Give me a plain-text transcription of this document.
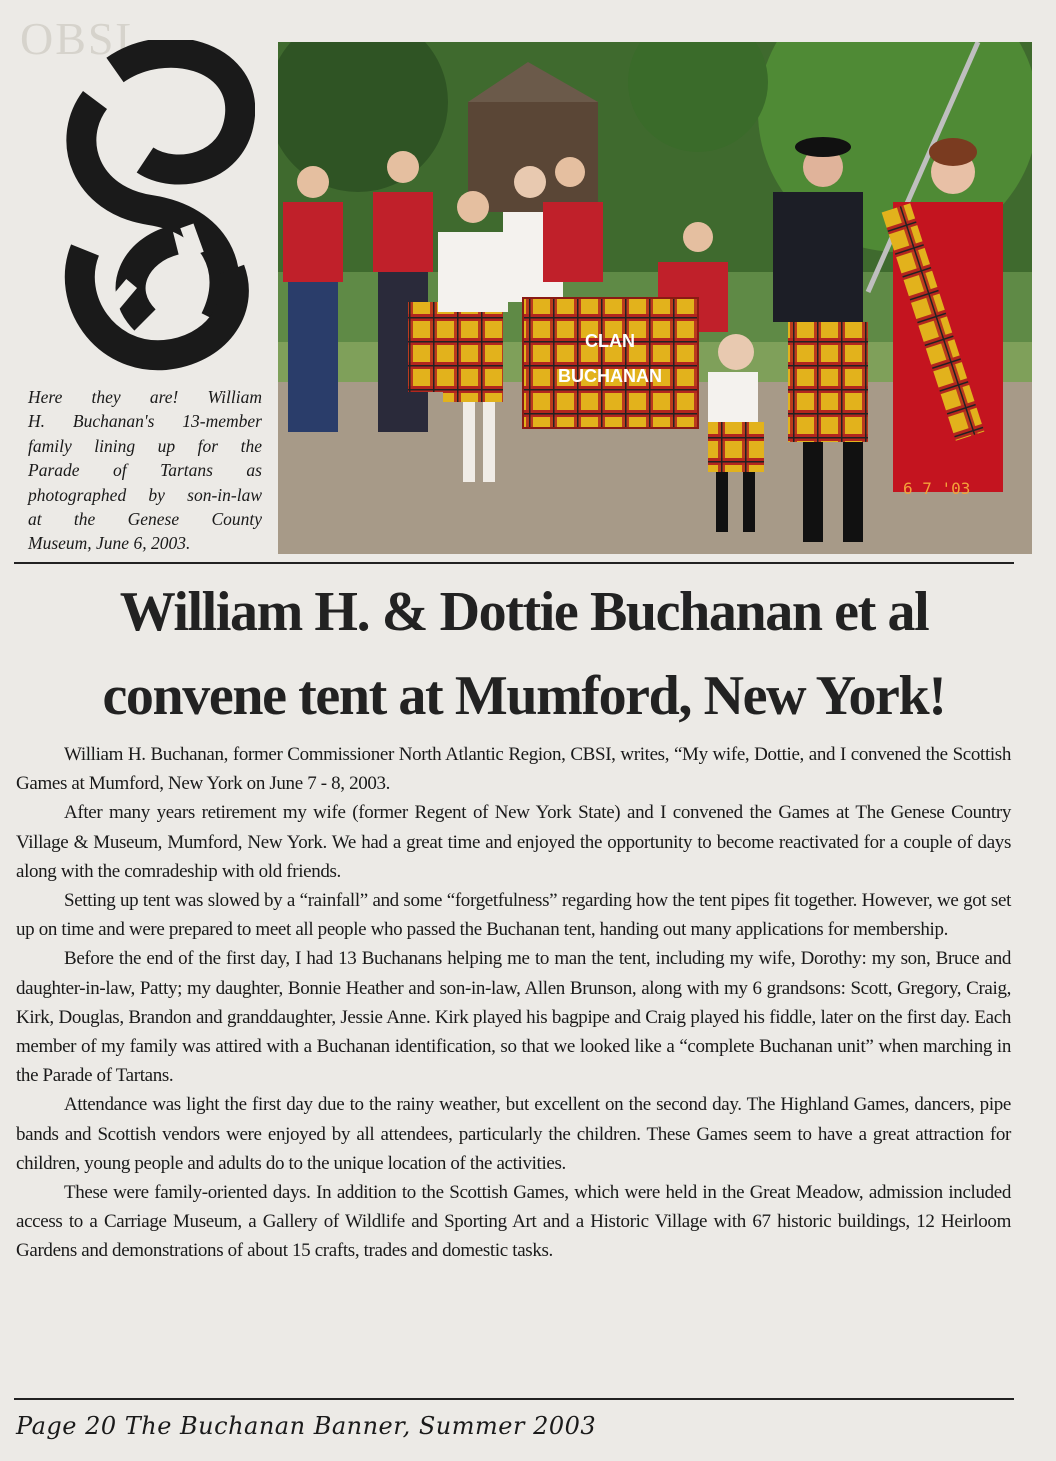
OBSL
Here they are! William
H. Buchanan's 13-member
family lining up for the
Parade of Tartans as
photographed by son-in-law
at the Genese County
Museum, June 6, 2003.
CLAN
BUCHANAN
6 7 '03
William H. & Dottie Buchanan et al
convene tent at Mumford, New York!

William H. Buchanan, former Commissioner North Atlantic Region, CBSI, writes, “My wife, Dottie, and I convened the Scottish Games at Mumford, New York on June 7 - 8, 2003.

After many years retirement my wife (former Regent of New York State) and I convened the Games at The Genese Country Village & Museum, Mumford, New York. We had a great time and enjoyed the opportunity to become reactivated for a couple of days along with the comradeship with old friends.

Setting up tent was slowed by a “rainfall” and some “forgetfulness” regarding how the tent pipes fit together. However, we got set up on time and were prepared to meet all people who passed the Buchanan tent, handing out many applications for membership.

Before the end of the first day, I had 13 Buchanans helping me to man the tent, including my wife, Dorothy: my son, Bruce and daughter-in-law, Patty; my daughter, Bonnie Heather and son-in-law, Allen Brunson, along with my 6 grandsons: Scott, Gregory, Craig, Kirk, Douglas, Brandon and granddaughter, Jessie Anne. Kirk played his bagpipe and Craig played his fiddle, later on the first day. Each member of my family was attired with a Buchanan identification, so that we looked like a “complete Buchanan unit” when marching in the Parade of Tartans.

Attendance was light the first day due to the rainy weather, but excellent on the second day. The Highland Games, dancers, pipe bands and Scottish vendors were enjoyed by all attendees, particularly the children. These Games seem to have a great attraction for children, young people and adults do to the unique location of the activities.

These were family-oriented days. In addition to the Scottish Games, which were held in the Great Meadow, admission included access to a Carriage Museum, a Gallery of Wildlife and Sporting Art and a Historic Village with 67 historic buildings, 12 Heirloom Gardens and demonstrations of about 15 crafts, trades and domestic tasks.

Page 20 The Buchanan Banner, Summer 2003
